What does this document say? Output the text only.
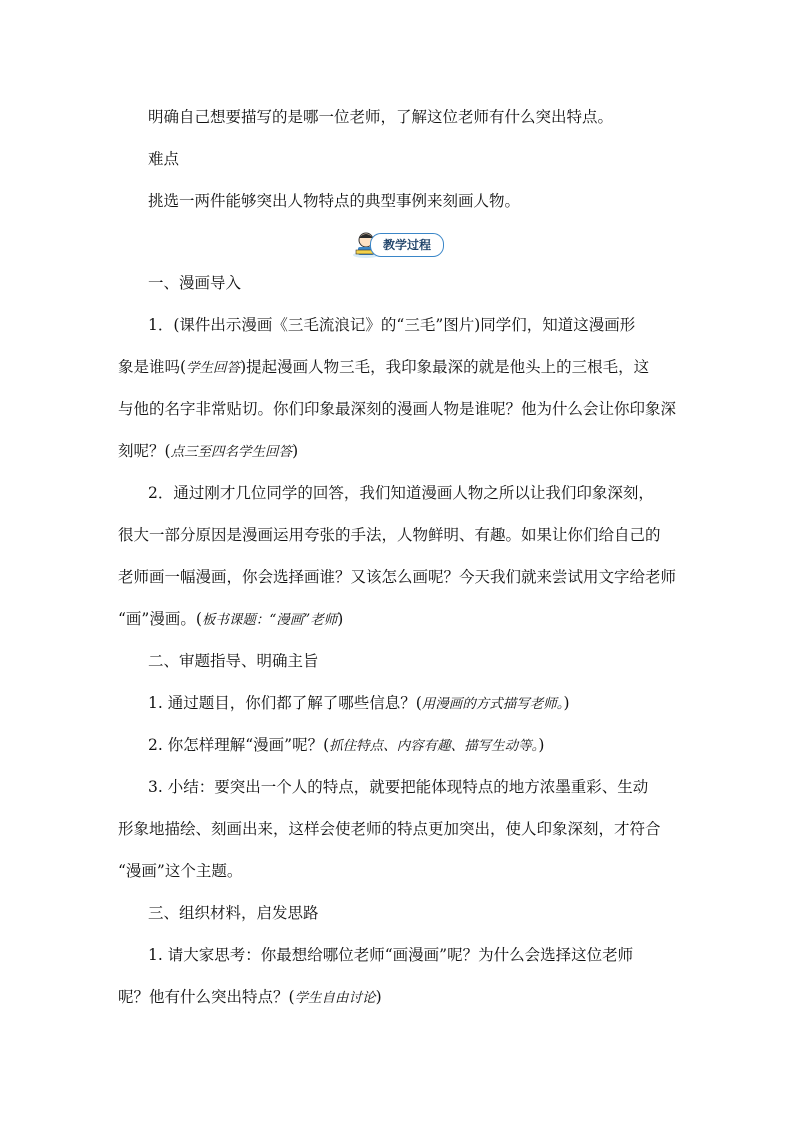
明确自己想要描写的是哪一位老师，了解这位老师有什么突出特点。
难点
挑选一两件能够突出人物特点的典型事例来刻画人物。
教学过程
一、漫画导入
1．(课件出示漫画《三毛流浪记》的“三毛”图片)同学们，知道这漫画形
象是谁吗(学生回答)提起漫画人物三毛，我印象最深的就是他头上的三根毛，这
与他的名字非常贴切。你们印象最深刻的漫画人物是谁呢？他为什么会让你印象深
刻呢？(点三至四名学生回答)
2．通过刚才几位同学的回答，我们知道漫画人物之所以让我们印象深刻，
很大一部分原因是漫画运用夸张的手法，人物鲜明、有趣。如果让你们给自己的
老师画一幅漫画，你会选择画谁？又该怎么画呢？今天我们就来尝试用文字给老师
“画”漫画。(板书课题：“漫画”老师)
二、审题指导、明确主旨
1. 通过题目，你们都了解了哪些信息？(用漫画的方式描写老师。)
2. 你怎样理解“漫画”呢？(抓住特点、内容有趣、描写生动等。)
3. 小结：要突出一个人的特点，就要把能体现特点的地方浓墨重彩、生动
形象地描绘、刻画出来，这样会使老师的特点更加突出，使人印象深刻，才符合
“漫画”这个主题。
三、组织材料，启发思路
1. 请大家思考：你最想给哪位老师“画漫画”呢？为什么会选择这位老师
呢？他有什么突出特点？(学生自由讨论)
